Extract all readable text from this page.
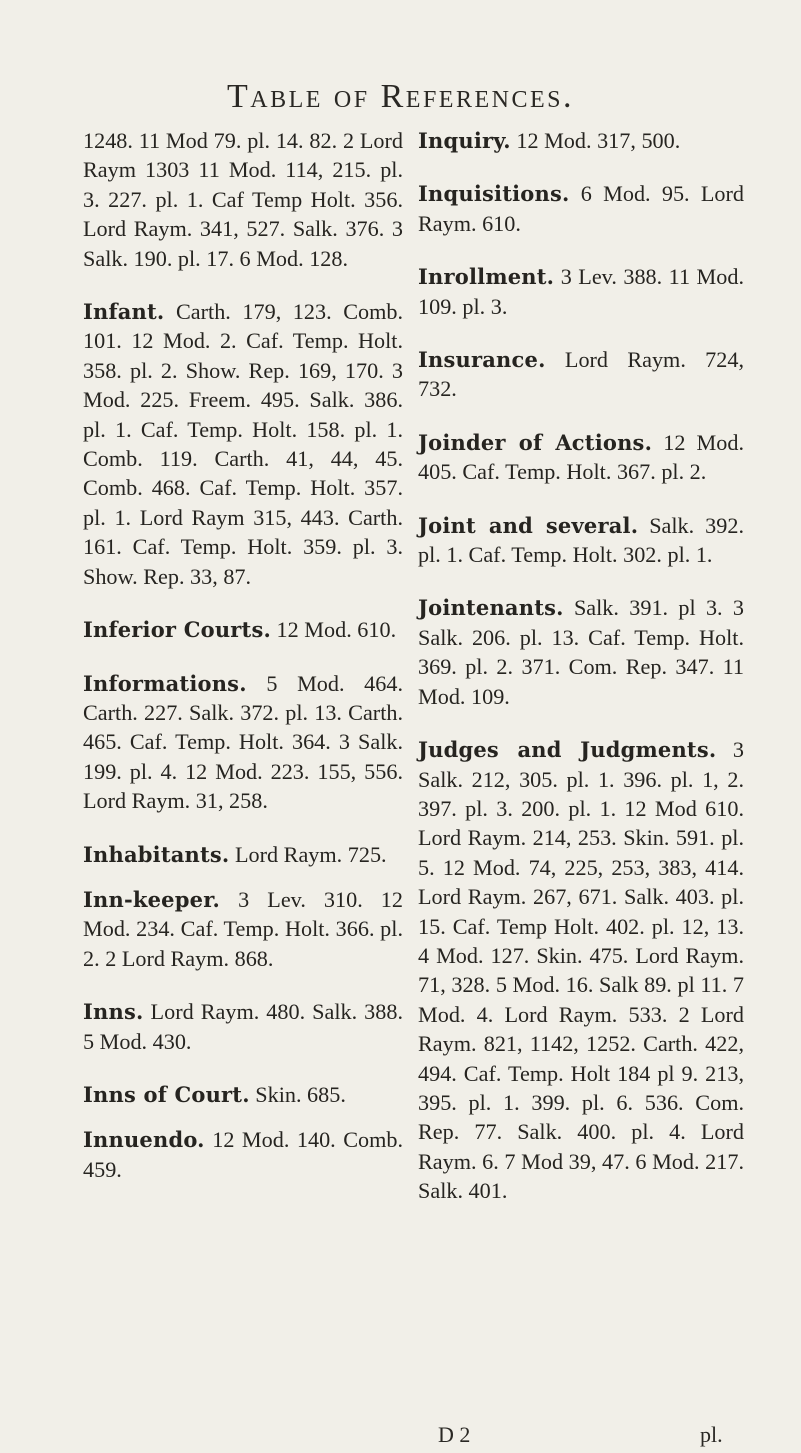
Table of References.

1248. 11 Mod 79. pl. 14. 82. 2 Lord Raym 1303 11 Mod. 114, 215. pl. 3. 227. pl. 1. Caf Temp Holt. 356. Lord Raym. 341, 527. Salk. 376. 3 Salk. 190. pl. 17. 6 Mod. 128.

Infant. Carth. 179, 123. Comb. 101. 12 Mod. 2. Caf. Temp. Holt. 358. pl. 2. Show. Rep. 169, 170. 3 Mod. 225. Freem. 495. Salk. 386. pl. 1. Caf. Temp. Holt. 158. pl. 1. Comb. 119. Carth. 41, 44, 45. Comb. 468. Caf. Temp. Holt. 357. pl. 1. Lord Raym 315, 443. Carth. 161. Caf. Temp. Holt. 359. pl. 3. Show. Rep. 33, 87.

Inferior Courts. 12 Mod. 610.

Informations. 5 Mod. 464. Carth. 227. Salk. 372. pl. 13. Carth. 465. Caf. Temp. Holt. 364. 3 Salk. 199. pl. 4. 12 Mod. 223. 155, 556. Lord Raym. 31, 258.

Inhabitants. Lord Raym. 725.

Inn-keeper. 3 Lev. 310. 12 Mod. 234. Caf. Temp. Holt. 366. pl. 2. 2 Lord Raym. 868.

Inns. Lord Raym. 480. Salk. 388. 5 Mod. 430.

Inns of Court. Skin. 685.

Innuendo. 12 Mod. 140. Comb. 459.

Inquiry. 12 Mod. 317, 500.

Inquisitions. 6 Mod. 95. Lord Raym. 610.

Inrollment. 3 Lev. 388. 11 Mod. 109. pl. 3.

Insurance. Lord Raym. 724, 732.

Joinder of Actions. 12 Mod. 405. Caf. Temp. Holt. 367. pl. 2.

Joint and several. Salk. 392. pl. 1. Caf. Temp. Holt. 302. pl. 1.

Jointenants. Salk. 391. pl 3. 3 Salk. 206. pl. 13. Caf. Temp. Holt. 369. pl. 2. 371. Com. Rep. 347. 11 Mod. 109.

Judges and Judgments. 3 Salk. 212, 305. pl. 1. 396. pl. 1, 2. 397. pl. 3. 200. pl. 1. 12 Mod 610. Lord Raym. 214, 253. Skin. 591. pl. 5. 12 Mod. 74, 225, 253, 383, 414. Lord Raym. 267, 671. Salk. 403. pl. 15. Caf. Temp Holt. 402. pl. 12, 13. 4 Mod. 127. Skin. 475. Lord Raym. 71, 328. 5 Mod. 16. Salk 89. pl 11. 7 Mod. 4. Lord Raym. 533. 2 Lord Raym. 821, 1142, 1252. Carth. 422, 494. Caf. Temp. Holt 184 pl 9. 213, 395. pl. 1. 399. pl. 6. 536. Com. Rep. 77. Salk. 400. pl. 4. Lord Raym. 6. 7 Mod 39, 47. 6 Mod. 217. Salk. 401.

D 2	pl.
